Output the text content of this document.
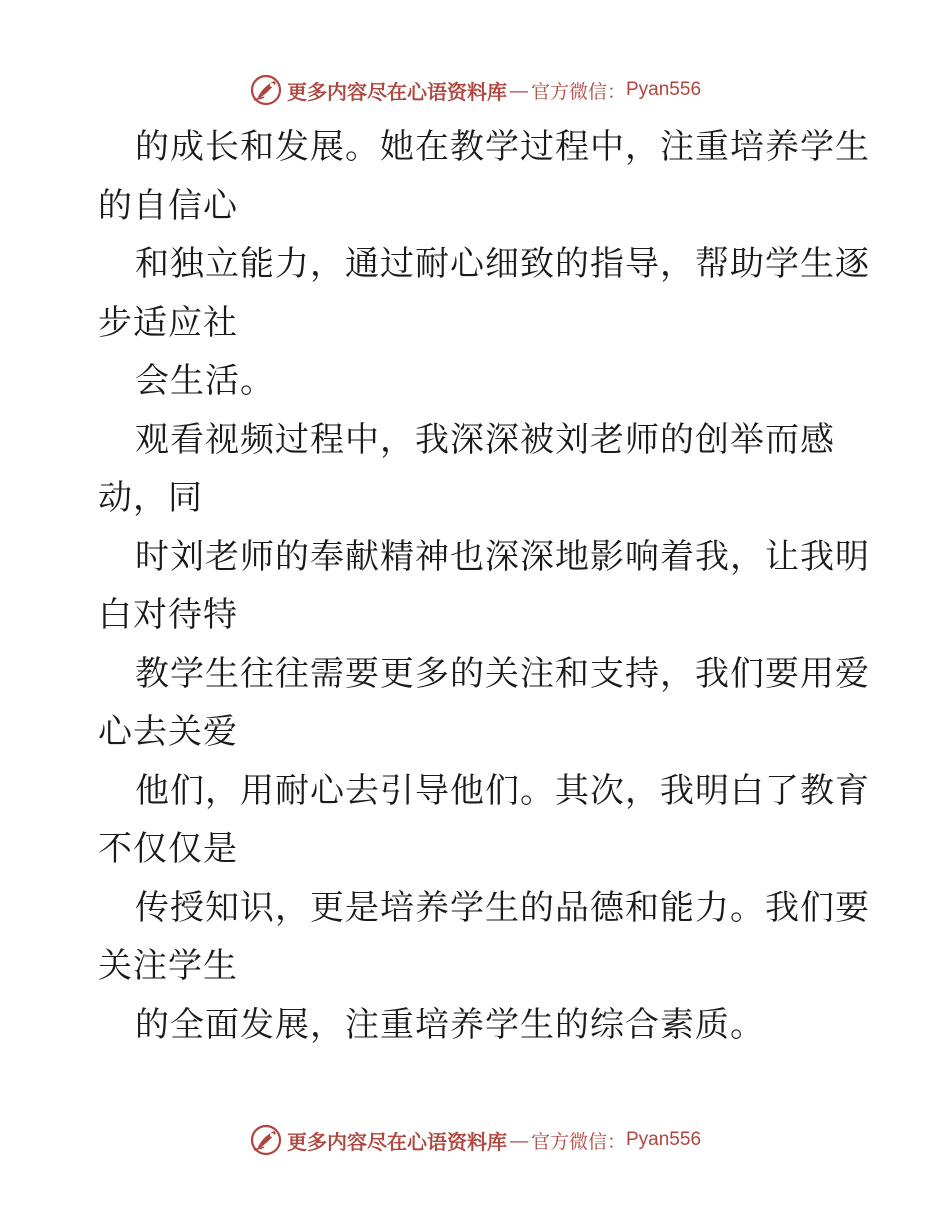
更多内容尽在心语资料库 — 官方微信： Pyan556
的成长和发展。她在教学过程中，注重培养学生
的自信心
和独立能力，通过耐心细致的指导，帮助学生逐
步适应社
会生活。
观看视频过程中，我深深被刘老师的创举而感
动，同
时刘老师的奉献精神也深深地影响着我，让我明
白对待特
教学生往往需要更多的关注和支持，我们要用爱
心去关爱
他们，用耐心去引导他们。其次，我明白了教育
不仅仅是
传授知识，更是培养学生的品德和能力。我们要
关注学生
的全面发展，注重培养学生的综合素质。
更多内容尽在心语资料库 — 官方微信： Pyan556
